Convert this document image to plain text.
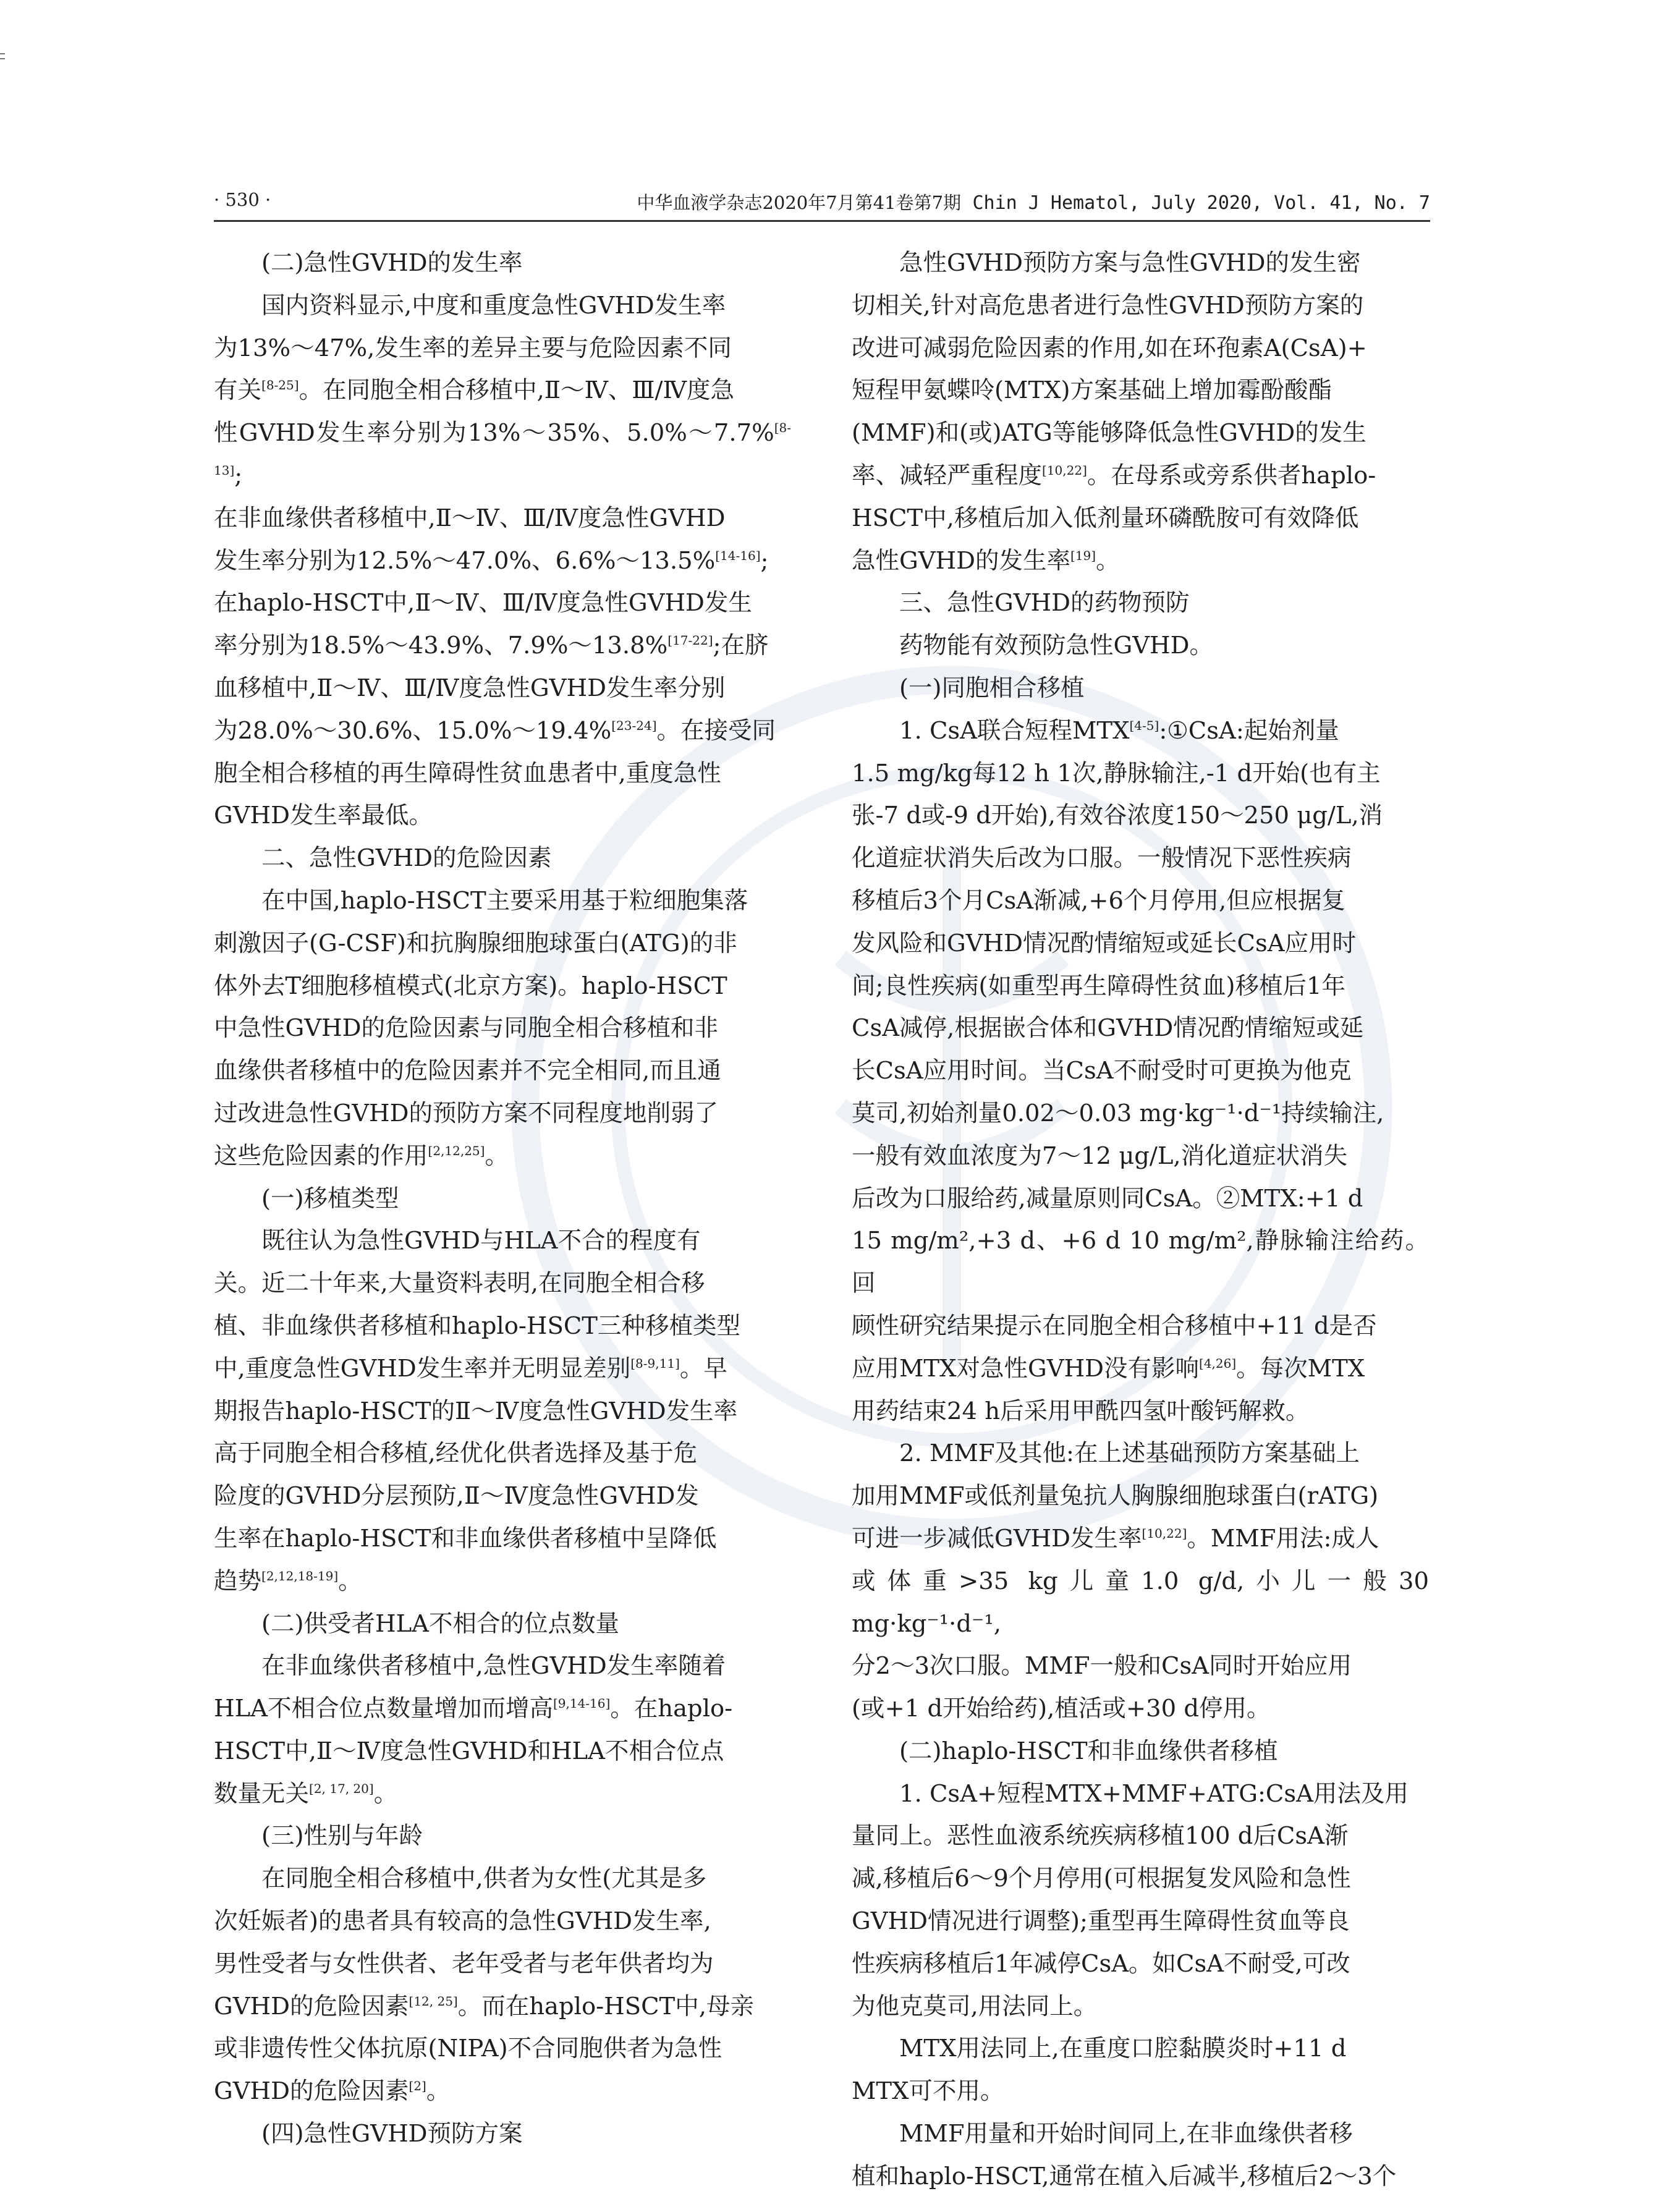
· 530 ·	中华血液学杂志2020年7月第41卷第7期 Chin J Hematol, July 2020, Vol. 41, No. 7

(二)急性GVHD的发生率

国内资料显示,中度和重度急性GVHD发生率
为13%～47%,发生率的差异主要与危险因素不同
有关[8-25]。在同胞全相合移植中,Ⅱ～Ⅳ、Ⅲ/Ⅳ度急
性GVHD发生率分别为13%～35%、5.0%～7.7%[8-13];
在非血缘供者移植中,Ⅱ～Ⅳ、Ⅲ/Ⅳ度急性GVHD
发生率分别为12.5%～47.0%、6.6%～13.5%[14-16];
在haplo-HSCT中,Ⅱ～Ⅳ、Ⅲ/Ⅳ度急性GVHD发生
率分别为18.5%～43.9%、7.9%～13.8%[17-22];在脐
血移植中,Ⅱ～Ⅳ、Ⅲ/Ⅳ度急性GVHD发生率分别
为28.0%～30.6%、15.0%～19.4%[23-24]。在接受同
胞全相合移植的再生障碍性贫血患者中,重度急性
GVHD发生率最低。

二、急性GVHD的危险因素

在中国,haplo-HSCT主要采用基于粒细胞集落
刺激因子(G-CSF)和抗胸腺细胞球蛋白(ATG)的非
体外去T细胞移植模式(北京方案)。haplo-HSCT
中急性GVHD的危险因素与同胞全相合移植和非
血缘供者移植中的危险因素并不完全相同,而且通
过改进急性GVHD的预防方案不同程度地削弱了
这些危险因素的作用[2,12,25]。

(一)移植类型

既往认为急性GVHD与HLA不合的程度有
关。近二十年来,大量资料表明,在同胞全相合移
植、非血缘供者移植和haplo-HSCT三种移植类型
中,重度急性GVHD发生率并无明显差别[8-9,11]。早
期报告haplo-HSCT的Ⅱ～Ⅳ度急性GVHD发生率
高于同胞全相合移植,经优化供者选择及基于危
险度的GVHD分层预防,Ⅱ～Ⅳ度急性GVHD发
生率在haplo-HSCT和非血缘供者移植中呈降低
趋势[2,12,18-19]。

(二)供受者HLA不相合的位点数量

在非血缘供者移植中,急性GVHD发生率随着
HLA不相合位点数量增加而增高[9,14-16]。在haplo-
HSCT中,Ⅱ～Ⅳ度急性GVHD和HLA不相合位点
数量无关[2, 17, 20]。

(三)性别与年龄

在同胞全相合移植中,供者为女性(尤其是多
次妊娠者)的患者具有较高的急性GVHD发生率,
男性受者与女性供者、老年受者与老年供者均为
GVHD的危险因素[12, 25]。而在haplo-HSCT中,母亲
或非遗传性父体抗原(NIPA)不合同胞供者为急性
GVHD的危险因素[2]。

(四)急性GVHD预防方案

急性GVHD预防方案与急性GVHD的发生密
切相关,针对高危患者进行急性GVHD预防方案的
改进可减弱危险因素的作用,如在环孢素A(CsA)+
短程甲氨蝶呤(MTX)方案基础上增加霉酚酸酯
(MMF)和(或)ATG等能够降低急性GVHD的发生
率、减轻严重程度[10,22]。在母系或旁系供者haplo-
HSCT中,移植后加入低剂量环磷酰胺可有效降低
急性GVHD的发生率[19]。

三、急性GVHD的药物预防

药物能有效预防急性GVHD。

(一)同胞相合移植

1. CsA联合短程MTX[4-5]:①CsA:起始剂量
1.5 mg/kg每12 h 1次,静脉输注,-1 d开始(也有主
张-7 d或-9 d开始),有效谷浓度150～250 μg/L,消
化道症状消失后改为口服。一般情况下恶性疾病
移植后3个月CsA渐减,+6个月停用,但应根据复
发风险和GVHD情况酌情缩短或延长CsA应用时
间;良性疾病(如重型再生障碍性贫血)移植后1年
CsA减停,根据嵌合体和GVHD情况酌情缩短或延
长CsA应用时间。当CsA不耐受时可更换为他克
莫司,初始剂量0.02～0.03 mg·kg⁻¹·d⁻¹持续输注,
一般有效血浓度为7～12 μg/L,消化道症状消失
后改为口服给药,减量原则同CsA。②MTX:+1 d
15 mg/m²,+3 d、+6 d 10 mg/m²,静脉输注给药。回
顾性研究结果提示在同胞全相合移植中+11 d是否
应用MTX对急性GVHD没有影响[4,26]。每次MTX
用药结束24 h后采用甲酰四氢叶酸钙解救。

2. MMF及其他:在上述基础预防方案基础上
加用MMF或低剂量兔抗人胸腺细胞球蛋白(rATG)
可进一步减低GVHD发生率[10,22]。MMF用法:成人
或体重>35 kg儿童1.0 g/d,小儿一般30 mg·kg⁻¹·d⁻¹,
分2～3次口服。MMF一般和CsA同时开始应用
(或+1 d开始给药),植活或+30 d停用。

(二)haplo-HSCT和非血缘供者移植

1. CsA+短程MTX+MMF+ATG:CsA用法及用
量同上。恶性血液系统疾病移植100 d后CsA渐
减,移植后6～9个月停用(可根据复发风险和急性
GVHD情况进行调整);重型再生障碍性贫血等良
性疾病移植后1年减停CsA。如CsA不耐受,可改
为他克莫司,用法同上。

MTX用法同上,在重度口腔黏膜炎时+11 d
MTX可不用。

MMF用量和开始时间同上,在非血缘供者移
植和haplo-HSCT,通常在植入后减半,移植后2～3个
